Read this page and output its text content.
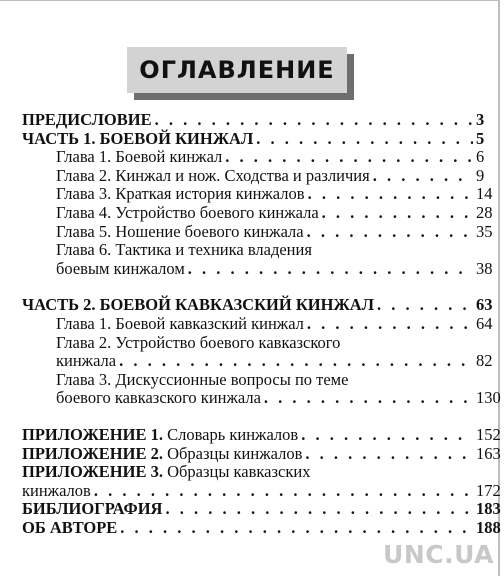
ОГЛАВЛЕНИЕ
ПРЕДИСЛОВИЕ . . .	3
ЧАСТЬ 1. БОЕВОЙ КИНЖАЛ . . .	5
Глава 1. Боевой кинжал . . .	6
Глава 2. Кинжал и нож. Сходства и различия . . .	9
Глава 3. Краткая история кинжалов . . .	14
Глава 4. Устройство боевого кинжала . . .	28
Глава 5. Ношение боевого кинжала . . .	35
Глава 6. Тактика и техника владения
боевым кинжалом . . .	38
ЧАСТЬ 2. БОЕВОЙ КАВКАЗСКИЙ КИНЖАЛ . . .	63
Глава 1. Боевой кавказский кинжал . . .	64
Глава 2. Устройство боевого кавказского
кинжала . . .	82
Глава 3. Дискуссионные вопросы по теме
боевого кавказского кинжала . . .	130
ПРИЛОЖЕНИЕ 1. Словарь кинжалов . . .	152
ПРИЛОЖЕНИЕ 2. Образцы кинжалов . . .	163
ПРИЛОЖЕНИЕ 3. Образцы кавказских
кинжалов . . .	172
БИБЛИОГРАФИЯ . . .	183
ОБ АВТОРЕ . . .	188
UNC.UA
